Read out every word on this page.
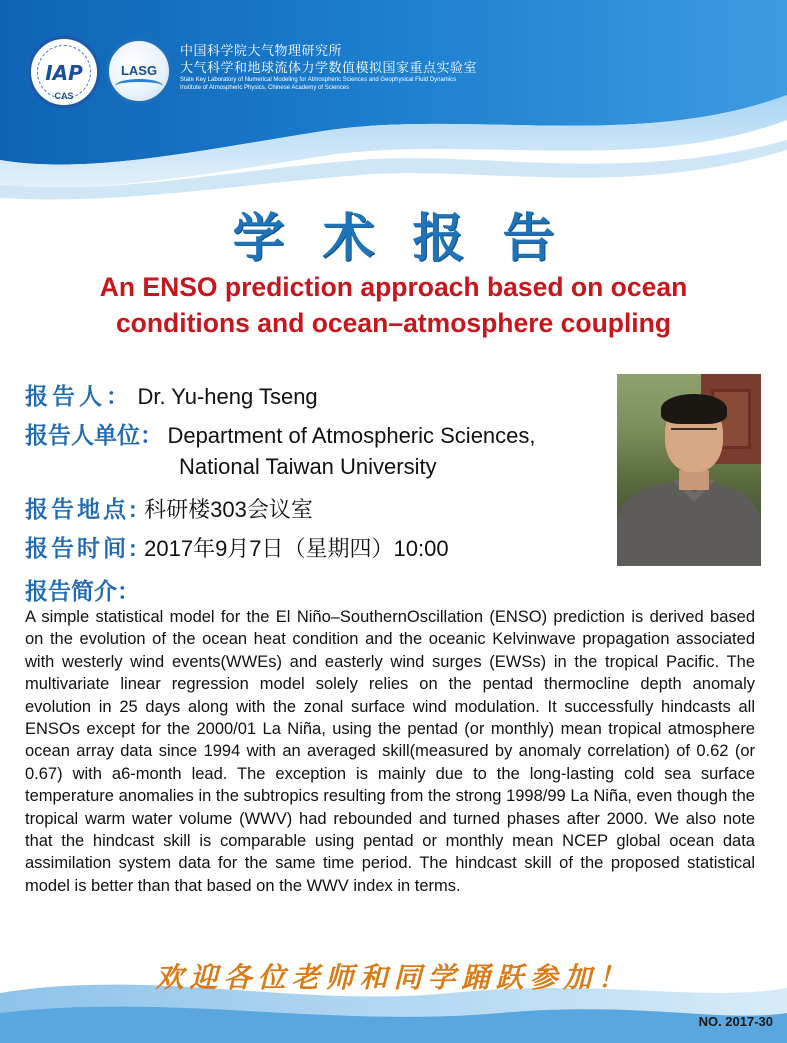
IAP
CAS
LASG
中国科学院大气物理研究所
大气科学和地球流体力学数值模拟国家重点实验室
State Key Laboratory of Numerical Modeling for Atmospheric Sciences and Geophysical Fluid Dynamics
Institute of Atmospheric Physics, Chinese Academy of Sciences
学术报告
An ENSO prediction approach based on ocean conditions and ocean–atmosphere coupling
报告人： Dr. Yu-heng Tseng
报告人单位： Department of Atmospheric Sciences,
National Taiwan University
报告地点: 科研楼303会议室
报告时间: 2017年9月7日（星期四）10:00
报告简介：
A simple statistical model for the El Niño–SouthernOscillation (ENSO) prediction is derived based on the evolution of the ocean heat condition and the oceanic Kelvinwave propagation associated with westerly wind events(WWEs) and easterly wind surges (EWSs) in the tropical Pacific. The multivariate linear regression model solely relies on the pentad thermocline depth anomaly evolution in 25 days along with the zonal surface wind modulation. It successfully hindcasts all ENSOs except for the 2000/01 La Niña, using the pentad (or monthly) mean tropical atmosphere ocean array data since 1994 with an averaged skill(measured by anomaly correlation) of 0.62 (or 0.67) with a6-month lead. The exception is mainly due to the long-lasting cold sea surface temperature anomalies in the subtropics resulting from the strong 1998/99 La Niña, even though the tropical warm water volume (WWV) had rebounded and turned phases after 2000. We also note that the hindcast skill is comparable using pentad or monthly mean NCEP global ocean data assimilation system data for the same time period. The hindcast skill of the proposed statistical model is better than that based on the WWV index in terms.
欢迎各位老师和同学踊跃参加！
NO. 2017-30
